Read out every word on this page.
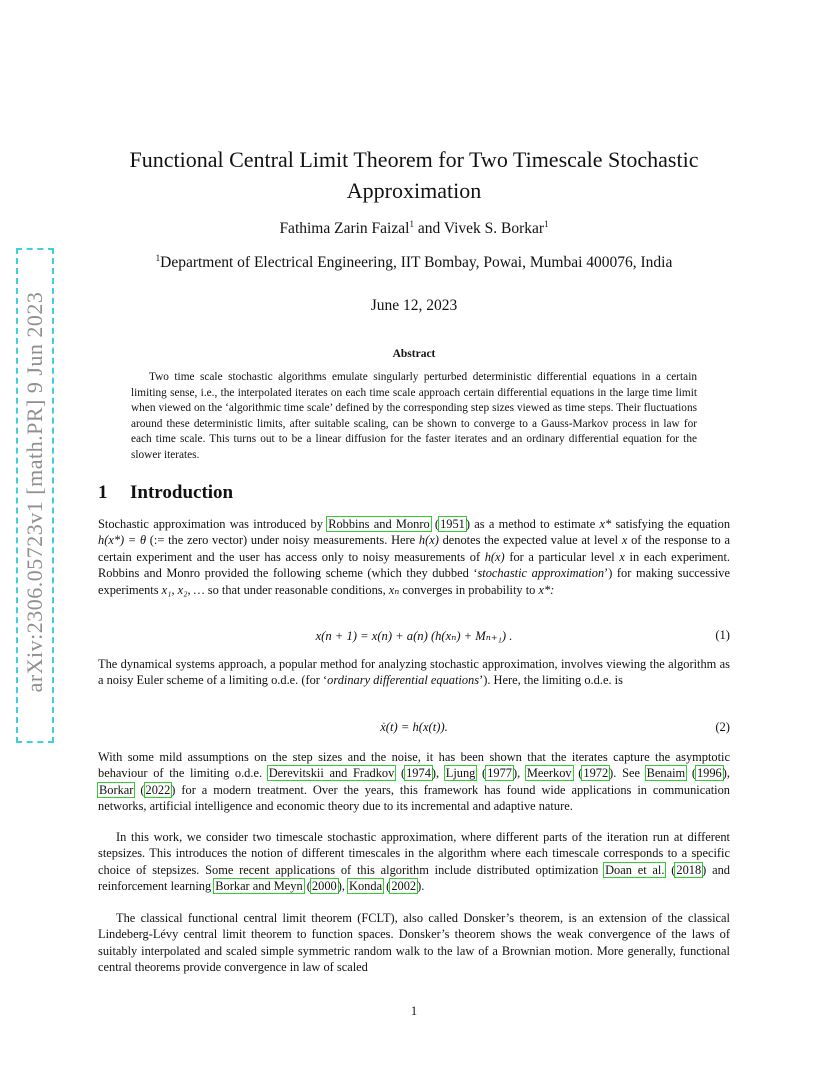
arXiv:2306.05723v1 [math.PR] 9 Jun 2023
Functional Central Limit Theorem for Two Timescale Stochastic
Approximation
Fathima Zarin Faizal$^1$ and Vivek S. Borkar$^1$
$^1$Department of Electrical Engineering, IIT Bombay, Powai, Mumbai 400076, India
June 12, 2023
Abstract
Two time scale stochastic algorithms emulate singularly perturbed deterministic differential equations in a certain limiting sense, i.e., the interpolated iterates on each time scale approach certain differential equations in the large time limit when viewed on the ‘algorithmic time scale’ defined by the corresponding step sizes viewed as time steps. Their fluctuations around these deterministic limits, after suitable scaling, can be shown to converge to a Gauss-Markov process in law for each time scale. This turns out to be a linear diffusion for the faster iterates and an ordinary differential equation for the slower iterates.
1 Introduction
Stochastic approximation was introduced by Robbins and Monro (1951) as a method to estimate x* satisfying the equation h(x*) = θ (:= the zero vector) under noisy measurements. Here h(x) denotes the expected value at level x of the response to a certain experiment and the user has access only to noisy measurements of h(x) for a particular level x in each experiment. Robbins and Monro provided the following scheme (which they dubbed ‘stochastic approximation’) for making successive experiments x₁, x₂, … so that under reasonable conditions, xₙ converges in probability to x*:
x(n + 1) = x(n) + a(n) (h(xₙ) + Mₙ₊₁) .	(1)
The dynamical systems approach, a popular method for analyzing stochastic approximation, involves viewing the algorithm as a noisy Euler scheme of a limiting o.d.e. (for ‘ordinary differential equations’). Here, the limiting o.d.e. is
ẋ(t) = h(x(t)).	(2)
With some mild assumptions on the step sizes and the noise, it has been shown that the iterates capture the asymptotic behaviour of the limiting o.d.e. Derevitskii and Fradkov (1974), Ljung (1977), Meerkov (1972). See Benaim (1996), Borkar (2022) for a modern treatment. Over the years, this framework has found wide applications in communication networks, artificial intelligence and economic theory due to its incremental and adaptive nature.
In this work, we consider two timescale stochastic approximation, where different parts of the iteration run at different stepsizes. This introduces the notion of different timescales in the algorithm where each timescale corresponds to a specific choice of stepsizes. Some recent applications of this algorithm include distributed optimization Doan et al. (2018) and reinforcement learning Borkar and Meyn (2000), Konda (2002).
The classical functional central limit theorem (FCLT), also called Donsker’s theorem, is an extension of the classical Lindeberg-Lévy central limit theorem to function spaces. Donsker’s theorem shows the weak convergence of the laws of suitably interpolated and scaled simple symmetric random walk to the law of a Brownian motion. More generally, functional central theorems provide convergence in law of scaled
1
